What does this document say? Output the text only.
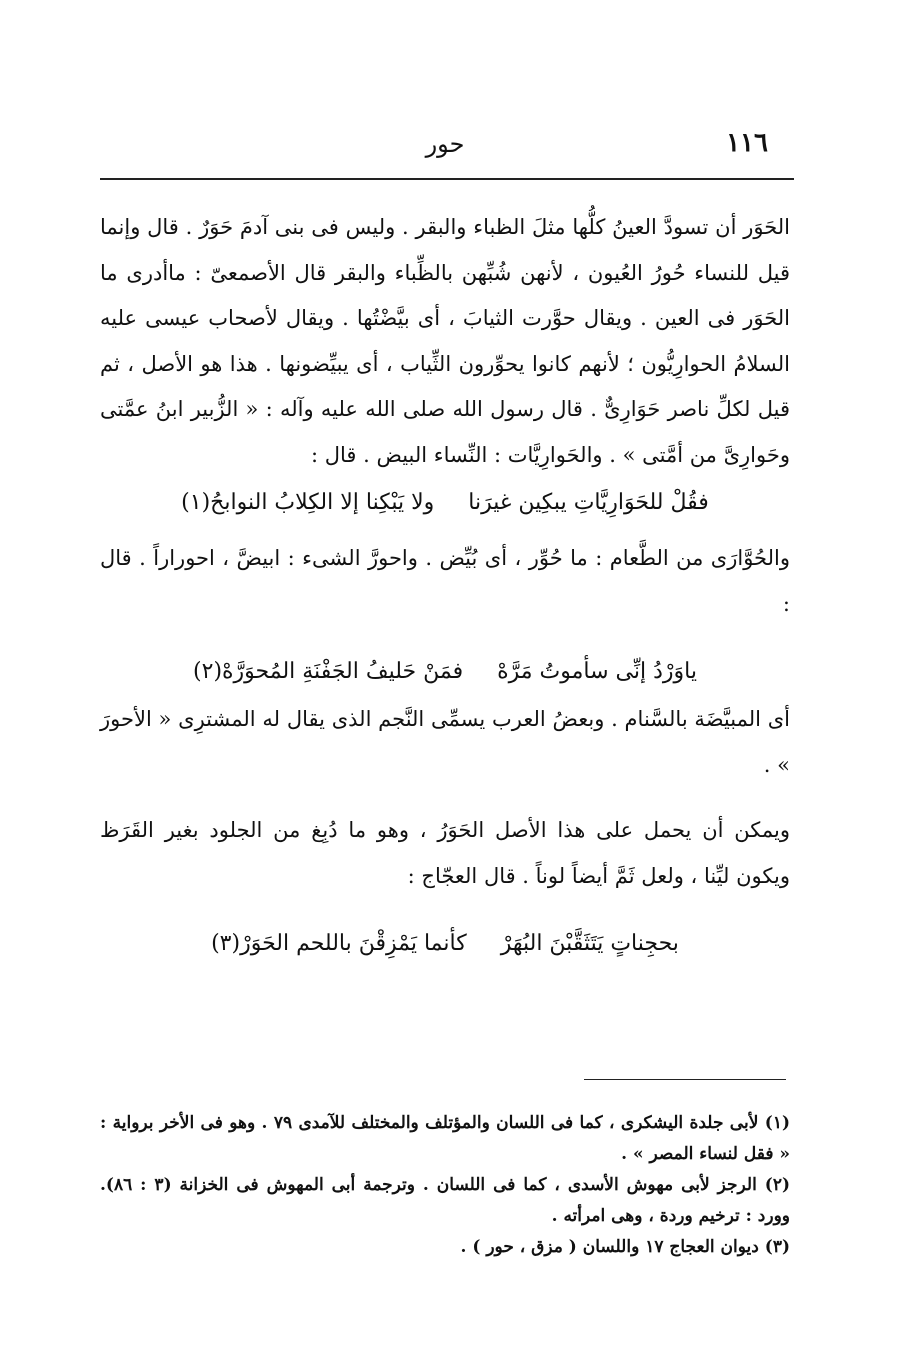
١١٦
حور

الحَوَر أن تسودَّ العينُ كلُّها مثلَ الظباء والبقر . وليس فى بنى آدمَ حَوَرٌ . قال وإنما قيل للنساء حُورُ العُيون ، لأنهن شُبِّهن بالظِّباء والبقر قال الأصمعىّ : ماأدرى ما الحَوَر فى العين . ويقال حوَّرت الثيابَ ، أى بيَّضْتُها . ويقال لأصحاب عيسى عليه السلامُ الحوارِيُّون ؛ لأنهم كانوا يحوِّرون الثِّياب ، أى يبيِّضونها . هذا هو الأصل ، ثم قيل لكلِّ ناصر حَوَارِىٌّ . قال رسول الله صلى الله عليه وآله : « الزُّبير ابنُ عمَّتى وحَوارِىَّ من أمَّتى » . والحَوارِيَّات : النِّساء البيض . قال :

فقُلْ للحَوَارِيَّاتِ يبكِين غيرَنا
ولا يَبْكِنا إلا الكِلابُ النوابحُ(١)

والحُوَّارَى من الطَّعام : ما حُوِّر ، أى بُيِّض . واحورَّ الشىء : ابيضَّ ، احوراراً . قال :

ياوَرْدُ إنِّى سأموتُ مَرَّهْ
فمَنْ حَليفُ الجَفْنَةِ المُحوَرَّهْ(٢)

أى المبيَّضَة بالسَّنام . وبعضُ العرب يسمِّى النَّجم الذى يقال له المشترِى « الأحورَ » .

ويمكن أن يحمل على هذا الأصل الحَوَرُ ، وهو ما دُبِغ من الجلود بغير القَرَظ ويكون ليِّنا ، ولعل ثَمَّ أيضاً لوناً . قال العجّاج :

بحجِناتٍ يَتَثَقَّبْنَ البُهَرْ
كأنما يَمْزِقْنَ باللحم الحَوَرْ(٣)

(١) لأبى جلدة اليشكرى ، كما فى اللسان والمؤتلف والمختلف للآمدى ٧٩ . وهو فى الأخر برواية : « فقل لنساء المصر » .

(٢) الرجز لأبى مهوش الأسدى ، كما فى اللسان . وترجمة أبى المهوش فى الخزانة (٣ : ٨٦). وورد : ترخيم وردة ، وهى امرأته .

(٣) ديوان العجاج ١٧ واللسان ( مزق ، حور ) .
